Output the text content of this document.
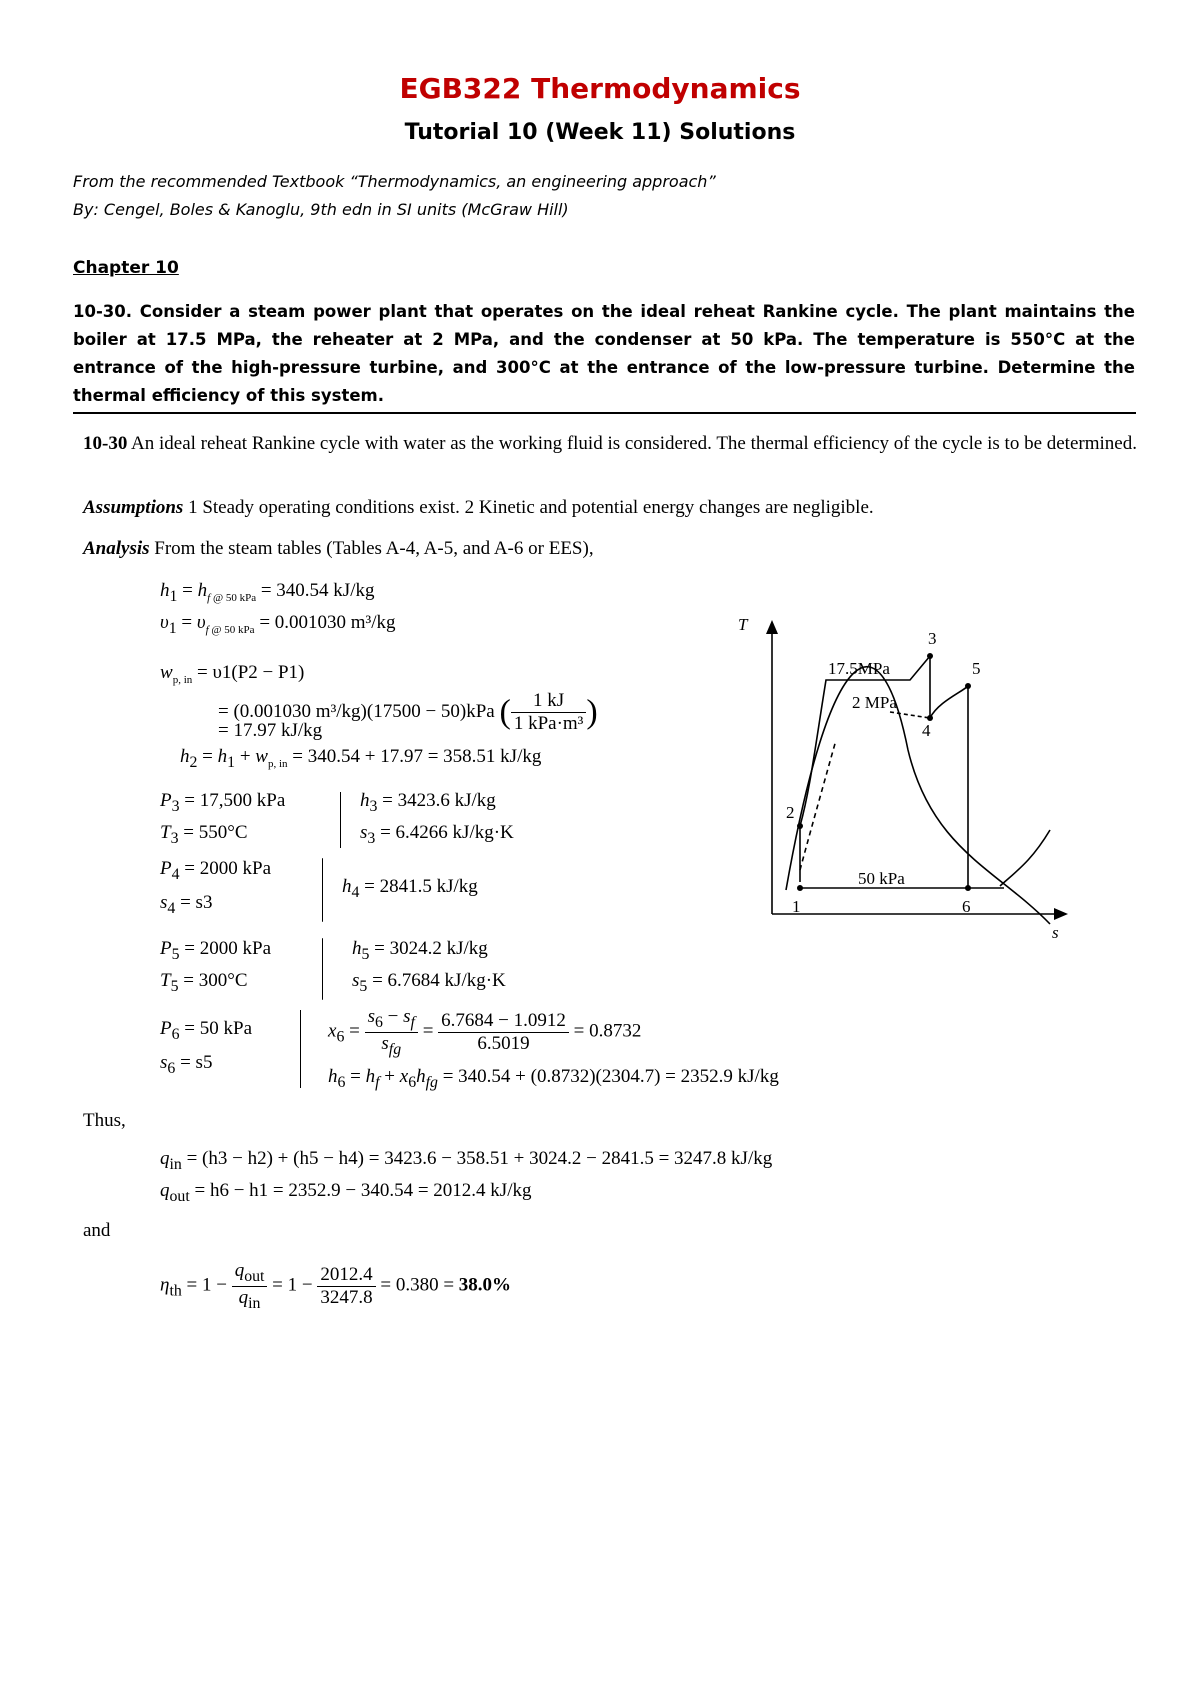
EGB322 Thermodynamics
Tutorial 10 (Week 11) Solutions
From the recommended Textbook “Thermodynamics, an engineering approach”
By: Cengel, Boles & Kanoglu, 9th edn in SI units (McGraw Hill)
Chapter 10
10-30. Consider a steam power plant that operates on the ideal reheat Rankine cycle. The plant maintains the boiler at 17.5 MPa, the reheater at 2 MPa, and the condenser at 50 kPa. The temperature is 550°C at the entrance of the high-pressure turbine, and 300°C at the entrance of the low-pressure turbine. Determine the thermal efficiency of this system.
10-30 An ideal reheat Rankine cycle with water as the working fluid is considered. The thermal efficiency of the cycle is to be determined.
Assumptions 1 Steady operating conditions exist. 2 Kinetic and potential energy changes are negligible.
Analysis From the steam tables (Tables A-4, A-5, and A-6 or EES),
$h_1 = h_{f @ 50 kPa} = 340.54$ kJ/kg
$\upsilon_1 = \upsilon_{f @ 50 kPa} = 0.001030$ m³/kg
$w_{p, in} = \upsilon 1(P2 - P1)$
= (0.001030 m³/kg)(17500 − 50)kPa ( $\frac{1 kJ}{\text{1 kPa·m³}}$ )
= 17.97 kJ/kg
$h_2 = h_1 + w_{p, in} = 340.54 + 17.97 = 358.51$ kJ/kg
$P_3 = 17,500$ kPa
$T_3 = 550^\circ C$
$h_3 = 3423.6$ kJ/kg
$s_3 = 6.4266$ kJ/kg·K
$P_4 = 2000$ kPa
$s_4 = s3$
$h_4 = 2841.5$ kJ/kg
$P_5 = 2000$ kPa
$T_5 = 300^\circ C$
$h_5 = 3024.2$ kJ/kg
$s_5 = 6.7684$ kJ/kg·K
$P_6 = 50$ kPa
$s_6 = s5$
$x_6 = \frac{s_6 - s_f}{s_{fg}} = \frac{6.7684 - 1.0912}{6.5019} = 0.8732$
$h_6 = h_f + x_6h_{fg} = 340.54 + (0.8732)(2304.7) = 2352.9$ kJ/kg
Thus,
$q_{in} = (h3 - h2) + (h5 - h4) = 3423.6 - 358.51 + 3024.2 - 2841.5 = 3247.8$ kJ/kg
$q_{out} = h6 - h1 = 2352.9 - 340.54 = 2012.4$ kJ/kg
and
$\eta_{th} = 1 - \frac{q_{out}}{q_{in}} = 1 - \frac{2012.4}{3247.8} = 0.380 = 38.0\%$
T
s
17.5MPa
2 MPa
50 kPa
1
2
3
4
5
6
